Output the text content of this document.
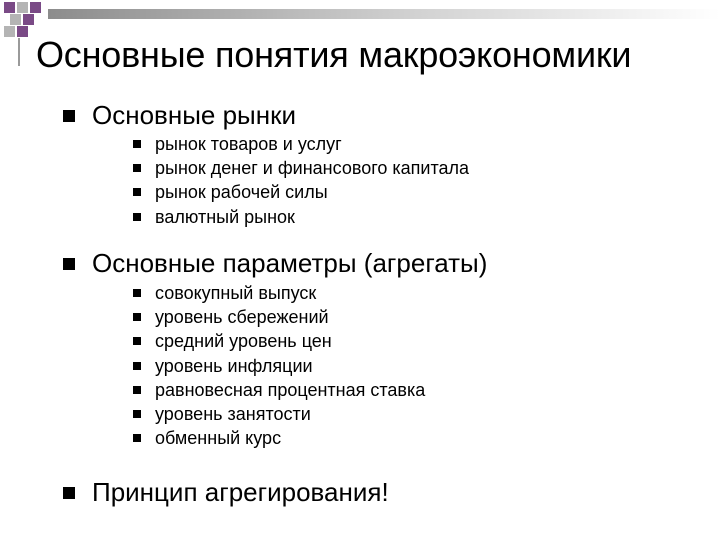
Основные понятия макроэкономики
Основные рынки
рынок товаров и услуг
рынок денег и финансового капитала
рынок рабочей силы
валютный рынок
Основные параметры (агрегаты)
совокупный выпуск
уровень сбережений
средний уровень цен
уровень инфляции
равновесная процентная ставка
уровень занятости
обменный курс
Принцип агрегирования!
